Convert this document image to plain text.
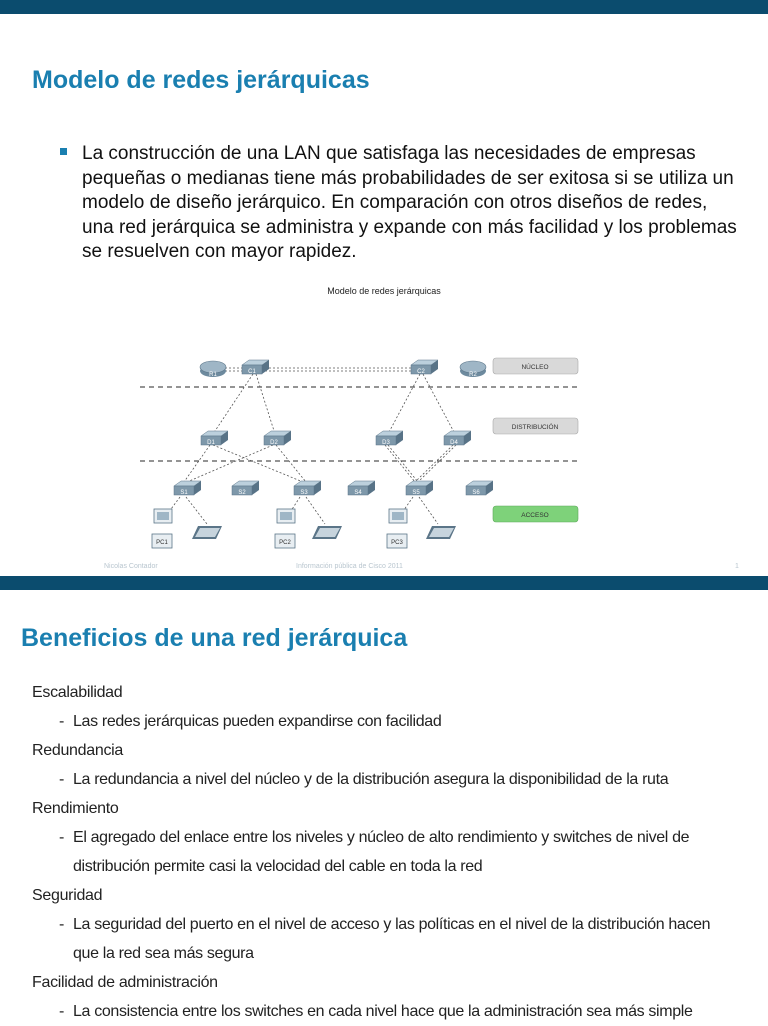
Modelo de redes jerárquicas
La construcción de una LAN que satisfaga las necesidades de empresas pequeñas o medianas tiene más probabilidades de ser exitosa si se utiliza un modelo de diseño jerárquico. En comparación con otros diseños de redes, una red jerárquica se administra y expande con más facilidad y los problemas se resuelven con mayor rapidez.
Modelo de redes jerárquicas
R1	R2
C1	C2
D1	D2	D3	D4
S1	S2	S3	S4	S5	S6
PC1	PC2	PC3
NÚCLEO
DISTRIBUCIÓN
ACCESO
Nicolas Contador	Información pública de Cisco 2011	1
Beneficios de una red jerárquica
Escalabilidad
- Las redes jerárquicas pueden expandirse con facilidad
Redundancia
- La redundancia a nivel del núcleo y de la distribución asegura la disponibilidad de la ruta
Rendimiento
- El agregado del enlace entre los niveles y núcleo de alto rendimiento y switches de nivel de
distribución permite casi la velocidad del cable en toda la red
Seguridad
- La seguridad del puerto en el nivel de acceso y las políticas en el nivel de la distribución hacen
que la red sea más segura
Facilidad de administración
- La consistencia entre los switches en cada nivel hace que la administración sea más simple
